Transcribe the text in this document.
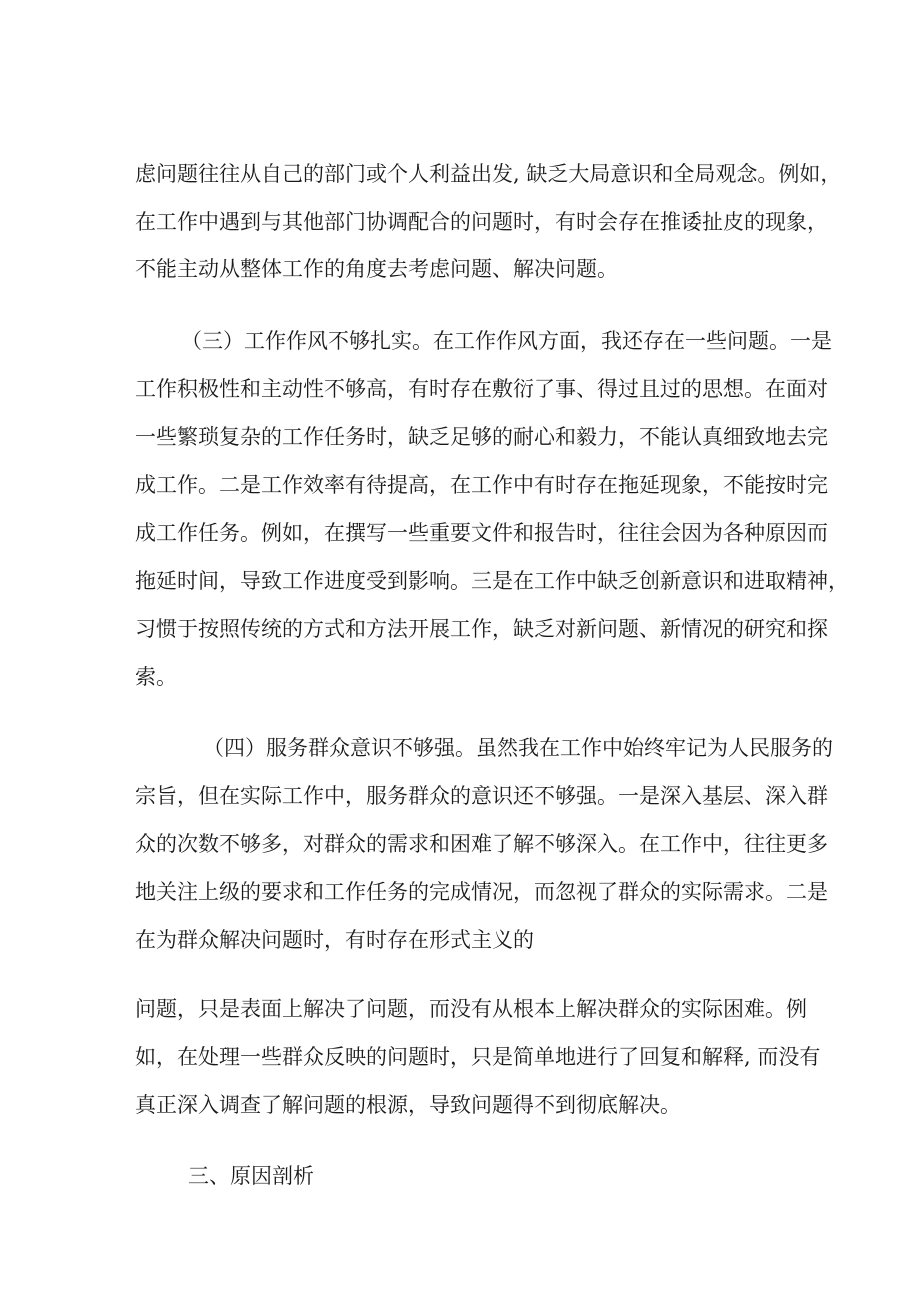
虑问题往往从自己的部门或个人利益出发, 缺乏大局意识和全局观念。例如，
在工作中遇到与其他部门协调配合的问题时，有时会存在推诿扯皮的现象，
不能主动从整体工作的角度去考虑问题、解决问题。
（三）工作作风不够扎实。在工作作风方面，我还存在一些问题。一是
工作积极性和主动性不够高，有时存在敷衍了事、得过且过的思想。在面对
一些繁琐复杂的工作任务时，缺乏足够的耐心和毅力，不能认真细致地去完
成工作。二是工作效率有待提高，在工作中有时存在拖延现象，不能按时完
成工作任务。例如，在撰写一些重要文件和报告时，往往会因为各种原因而
拖延时间，导致工作进度受到影响。三是在工作中缺乏创新意识和进取精神，
习惯于按照传统的方式和方法开展工作，缺乏对新问题、新情况的研究和探
索。
（四）服务群众意识不够强。虽然我在工作中始终牢记为人民服务的
宗旨，但在实际工作中，服务群众的意识还不够强。一是深入基层、深入群
众的次数不够多，对群众的需求和困难了解不够深入。在工作中，往往更多
地关注上级的要求和工作任务的完成情况，而忽视了群众的实际需求。二是
在为群众解决问题时，有时存在形式主义的
问题，只是表面上解决了问题，而没有从根本上解决群众的实际困难。例
如，在处理一些群众反映的问题时，只是简单地进行了回复和解释, 而没有
真正深入调查了解问题的根源，导致问题得不到彻底解决。
三、原因剖析
